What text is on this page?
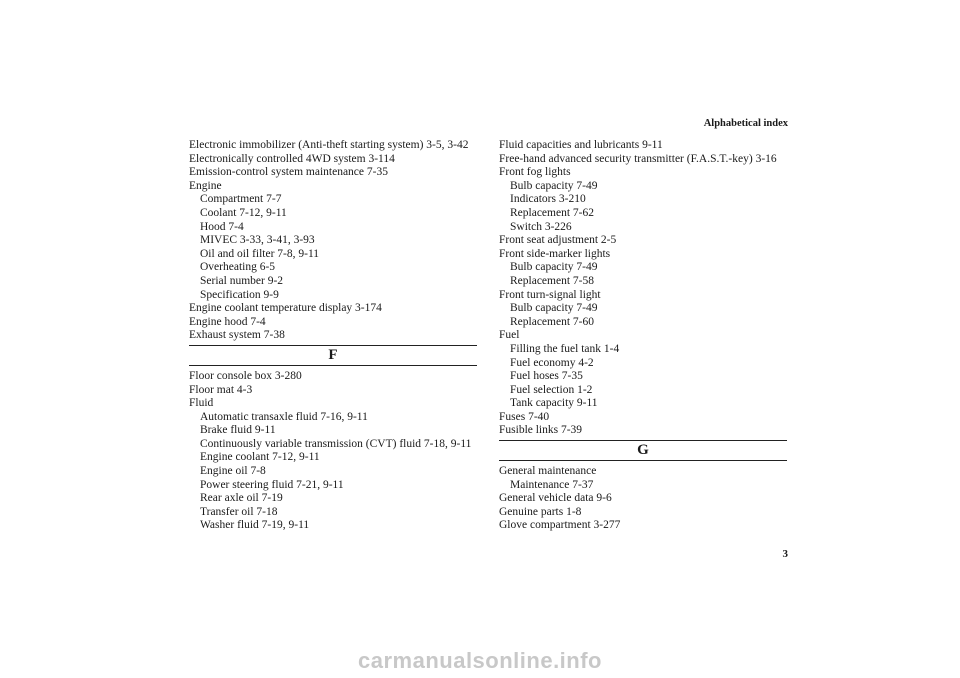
Alphabetical index
Electronic immobilizer (Anti-theft starting system) 3-5, 3-42
Electronically controlled 4WD system 3-114
Emission-control system maintenance 7-35
Engine
Compartment 7-7
Coolant 7-12, 9-11
Hood 7-4
MIVEC 3-33, 3-41, 3-93
Oil and oil filter 7-8, 9-11
Overheating 6-5
Serial number 9-2
Specification 9-9
Engine coolant temperature display 3-174
Engine hood 7-4
Exhaust system 7-38
F
Floor console box 3-280
Floor mat 4-3
Fluid
Automatic transaxle fluid 7-16, 9-11
Brake fluid 9-11
Continuously variable transmission (CVT) fluid 7-18, 9-11
Engine coolant 7-12, 9-11
Engine oil 7-8
Power steering fluid 7-21, 9-11
Rear axle oil 7-19
Transfer oil 7-18
Washer fluid 7-19, 9-11
Fluid capacities and lubricants 9-11
Free-hand advanced security transmitter (F.A.S.T.-key) 3-16
Front fog lights
Bulb capacity 7-49
Indicators 3-210
Replacement 7-62
Switch 3-226
Front seat adjustment 2-5
Front side-marker lights
Bulb capacity 7-49
Replacement 7-58
Front turn-signal light
Bulb capacity 7-49
Replacement 7-60
Fuel
Filling the fuel tank 1-4
Fuel economy 4-2
Fuel hoses 7-35
Fuel selection 1-2
Tank capacity 9-11
Fuses 7-40
Fusible links 7-39
G
General maintenance
Maintenance 7-37
General vehicle data 9-6
Genuine parts 1-8
Glove compartment 3-277
3
carmanualsonline.info
